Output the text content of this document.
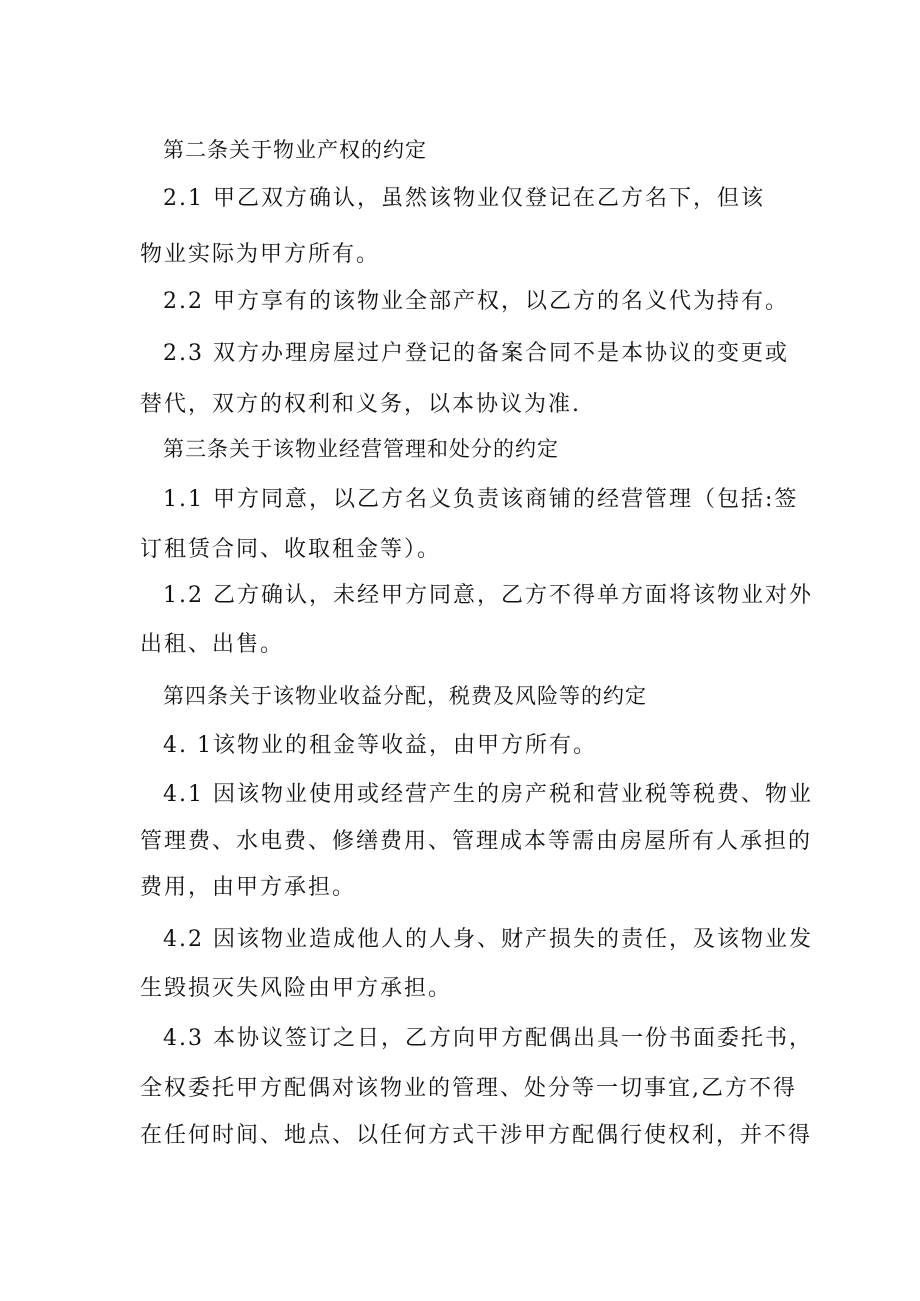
第二条关于物业产权的约定
2.1 甲乙双方确认，虽然该物业仅登记在乙方名下，但该
物业实际为甲方所有。
2.2 甲方享有的该物业全部产权，以乙方的名义代为持有。
2.3 双方办理房屋过户登记的备案合同不是本协议的变更或
替代，双方的权利和义务，以本协议为准.
第三条关于该物业经营管理和处分的约定
1.1 甲方同意，以乙方名义负责该商铺的经营管理（包括:签
订租赁合同、收取租金等）。
1.2 乙方确认，未经甲方同意，乙方不得单方面将该物业对外
出租、出售。
第四条关于该物业收益分配，税费及风险等的约定
4. 1该物业的租金等收益，由甲方所有。
4.1 因该物业使用或经营产生的房产税和营业税等税费、物业
管理费、水电费、修缮费用、管理成本等需由房屋所有人承担的
费用，由甲方承担。
4.2 因该物业造成他人的人身、财产损失的责任，及该物业发
生毁损灭失风险由甲方承担。
4.3 本协议签订之日，乙方向甲方配偶出具一份书面委托书，
全权委托甲方配偶对该物业的管理、处分等一切事宜,乙方不得
在任何时间、地点、以任何方式干涉甲方配偶行使权利，并不得
